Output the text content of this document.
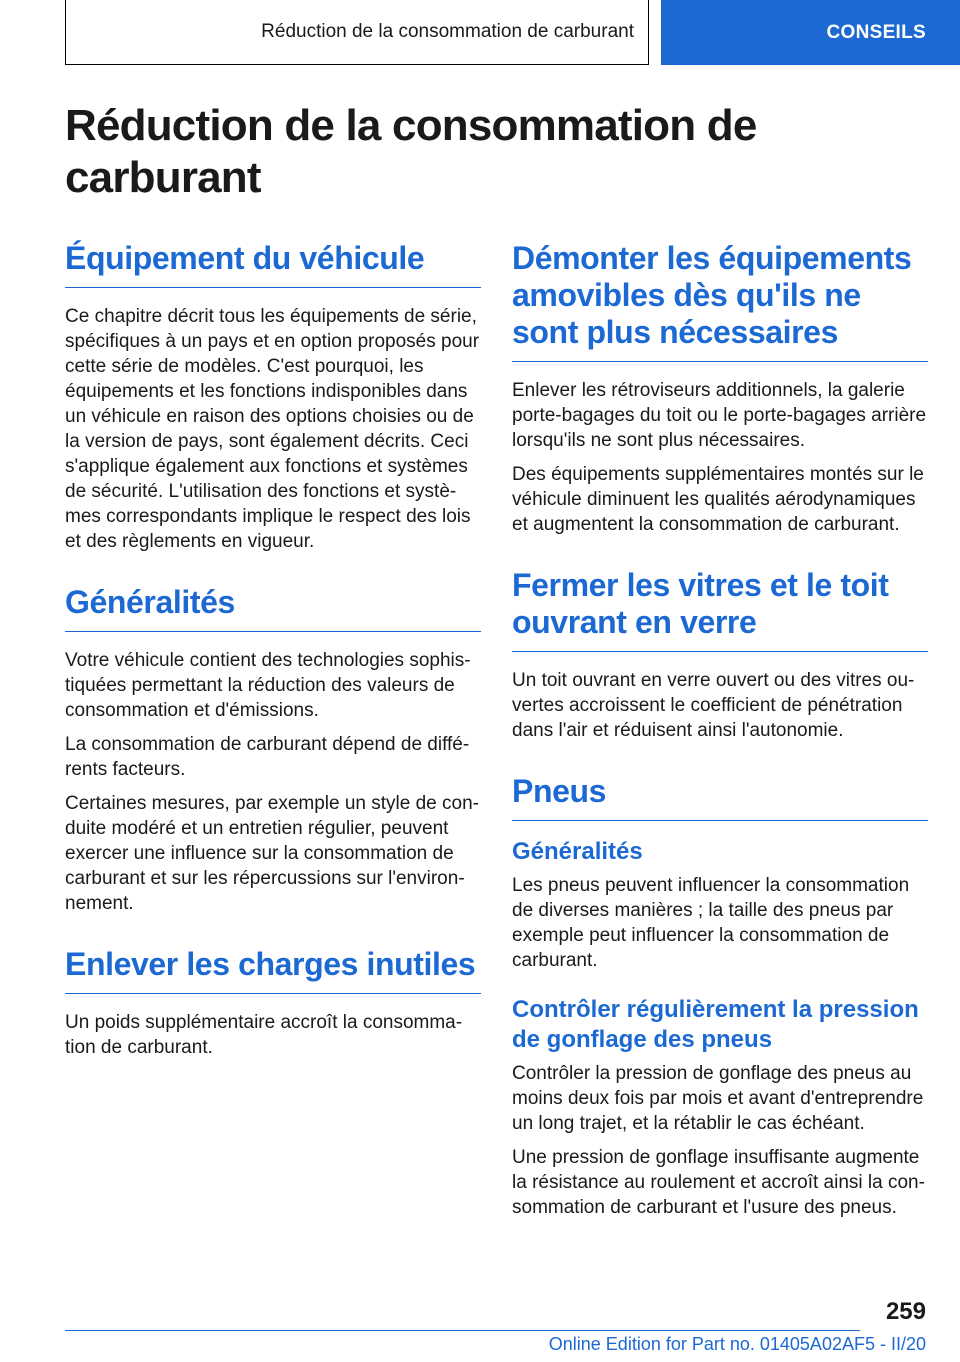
Réduction de la consommation de carburant	CONSEILS
Réduction de la consommation de carburant
Équipement du véhicule

Ce chapitre décrit tous les équipements de série, spécifiques à un pays et en option proposés pour cette série de modèles. C'est pourquoi, les équipements et les fonctions indisponibles dans un véhicule en raison des options choisies ou de la version de pays, sont également décrits. Ceci s'applique également aux fonctions et systèmes de sécurité. L'utilisation des fonctions et systèmes correspondants implique le respect des lois et des règlements en vigueur.

Généralités

Votre véhicule contient des technologies sophistiquées permettant la réduction des valeurs de consommation et d'émissions.

La consommation de carburant dépend de différents facteurs.

Certaines mesures, par exemple un style de conduite modéré et un entretien régulier, peuvent exercer une influence sur la consommation de carburant et sur les répercussions sur l'environnement.

Enlever les charges inutiles

Un poids supplémentaire accroît la consommation de carburant.

Démonter les équipements amovibles dès qu'ils ne sont plus nécessaires

Enlever les rétroviseurs additionnels, la galerie porte-bagages du toit ou le porte-bagages arrière lorsqu'ils ne sont plus nécessaires.

Des équipements supplémentaires montés sur le véhicule diminuent les qualités aérodynamiques et augmentent la consommation de carburant.

Fermer les vitres et le toit ouvrant en verre

Un toit ouvrant en verre ouvert ou des vitres ouvertes accroissent le coefficient de pénétration dans l'air et réduisent ainsi l'autonomie.

Pneus
Généralités

Les pneus peuvent influencer la consommation de diverses manières ; la taille des pneus par exemple peut influencer la consommation de carburant.

Contrôler régulièrement la pression de gonflage des pneus

Contrôler la pression de gonflage des pneus au moins deux fois par mois et avant d'entreprendre un long trajet, et la rétablir le cas échéant.

Une pression de gonflage insuffisante augmente la résistance au roulement et accroît ainsi la consommation de carburant et l'usure des pneus.

259
Online Edition for Part no. 01405A02AF5 - II/20
